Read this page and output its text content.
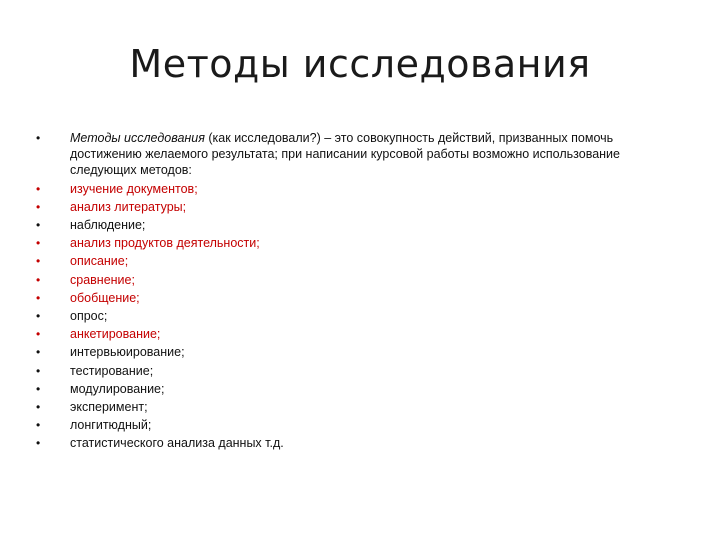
Методы исследования
• Методы исследования (как исследовали?) – это совокупность действий, призванных помочь достижению желаемого результата; при написании курсовой работы возможно использование следующих методов:
• изучение документов;
• анализ литературы;
• наблюдение;
• анализ продуктов деятельности;
• описание;
• сравнение;
• обобщение;
• опрос;
• анкетирование;
• интервьюирование;
• тестирование;
• модулирование;
• эксперимент;
• лонгитюдный;
• статистического анализа данных т.д.
